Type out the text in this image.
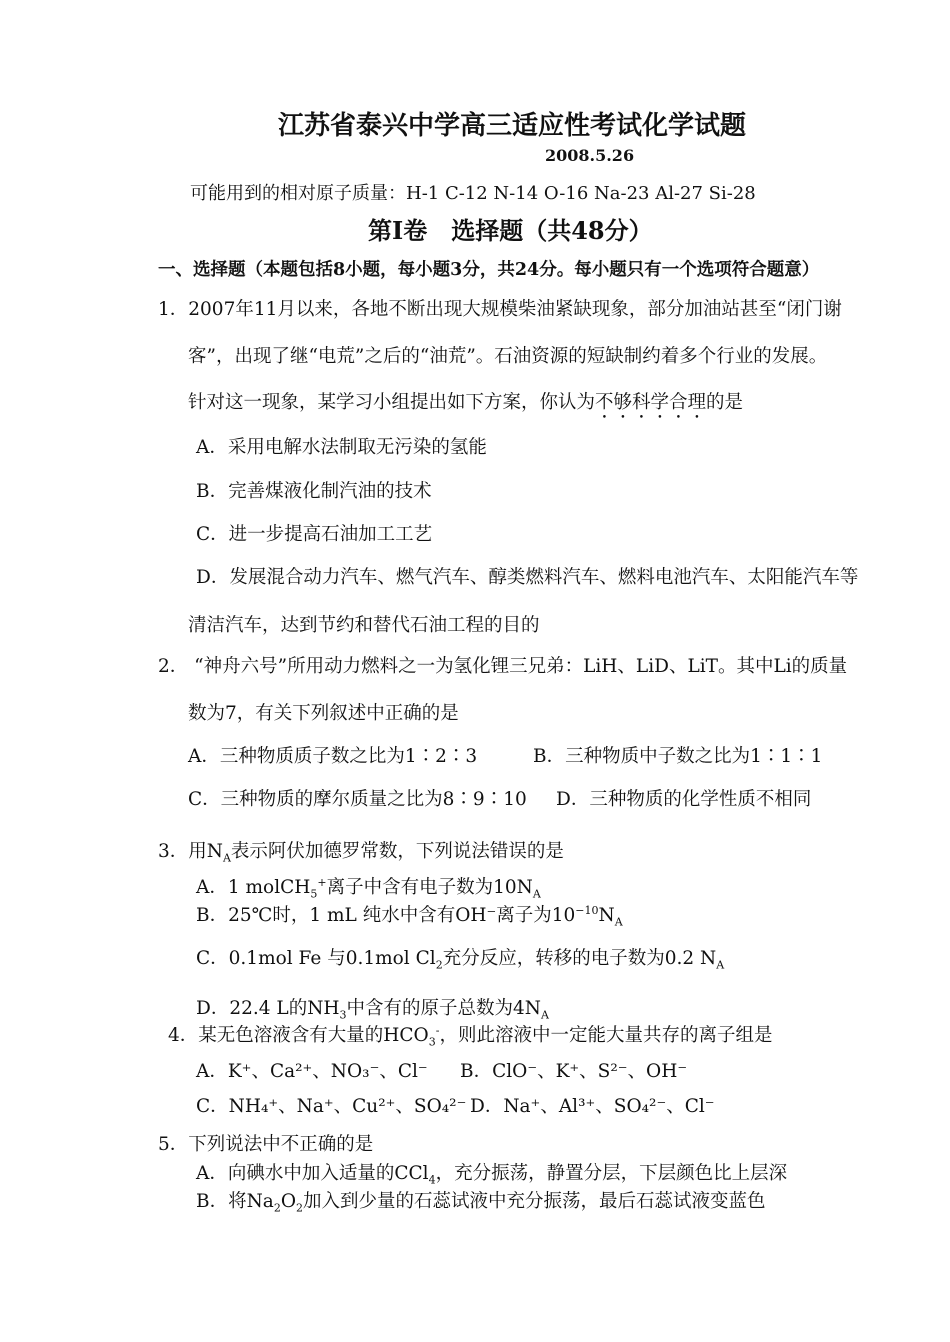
江苏省泰兴中学高三适应性考试化学试题
2008.5.26
可能用到的相对原子质量：H-1 C-12 N-14 O-16 Na-23 Al-27 Si-28
第Ⅰ卷　选择题（共48分）
一、选择题（本题包括8小题，每小题3分，共24分。每小题只有一个选项符合题意）
1．2007年11月以来，各地不断出现大规模柴油紧缺现象，部分加油站甚至“闭门谢
客”，出现了继“电荒”之后的“油荒”。石油资源的短缺制约着多个行业的发展。
针对这一现象，某学习小组提出如下方案，你认为不够科学合理的是
A．采用电解水法制取无污染的氢能
B．完善煤液化制汽油的技术
C．进一步提高石油加工工艺
D．发展混合动力汽车、燃气汽车、醇类燃料汽车、燃料电池汽车、太阳能汽车等
清洁汽车，达到节约和替代石油工程的目的
2． “神舟六号”所用动力燃料之一为氢化锂三兄弟：LiH、LiD、LiT。其中Li的质量
数为7，有关下列叙述中正确的是
A．三种物质质子数之比为1∶2∶3	B．三种物质中子数之比为1∶1∶1
C．三种物质的摩尔质量之比为8∶9∶10 D．三种物质的化学性质不相同
3．用$N_A$表示阿伏加德罗常数，下列说法错误的是
A．1 molCH$_5$+离子中含有电子数为$10N_A$
B．25℃时，1 mL 纯水中含有OH⁻离子为$10^{-10}N_A$
C．0.1mol Fe 与0.1mol $Cl_2$充分反应，转移的电子数为0.2 $N_A$
D．22.4 L的$NH_3$中含有的原子总数为$4N_A$
4．某无色溶液含有大量的$HCO_3^-$，则此溶液中一定能大量共存的离子组是
A．K⁺、Ca²⁺、NO₃⁻、Cl⁻ B．ClO⁻、K⁺、S²⁻、OH⁻
C．NH₄⁺、Na⁺、Cu²⁺、SO₄²⁻ D．Na⁺、Al³⁺、SO₄²⁻、Cl⁻
5．下列说法中不正确的是
A．向碘水中加入适量的CCl$_4$，充分振荡，静置分层，下层颜色比上层深
B．将$Na_2O_2$加入到少量的石蕊试液中充分振荡，最后石蕊试液变蓝色
